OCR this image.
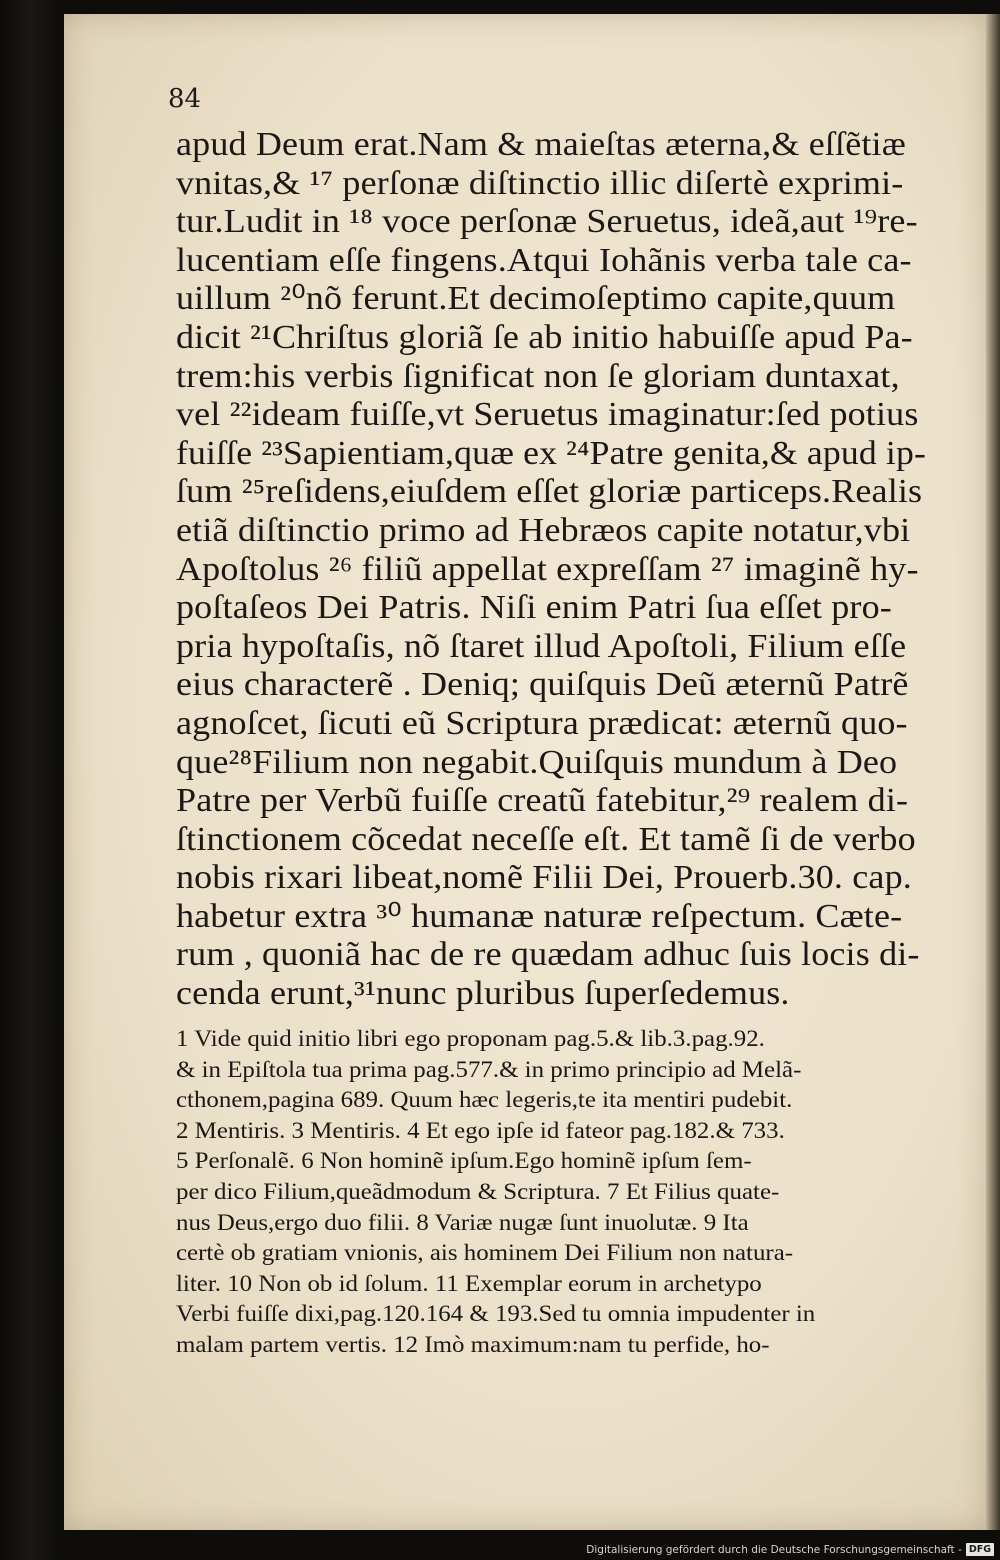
84

apud Deum erat.Nam & maieſtas æterna,& eſſẽtiæ
vnitas,& ¹⁷ perſonæ diſtinctio illic diſertè exprimi-
tur.Ludit in ¹⁸ voce perſonæ Seruetus, ideã,aut ¹⁹re-
lucentiam eſſe fingens.Atqui Iohãnis verba tale ca-
uillum ²⁰nõ ferunt.Et decimoſeptimo capite,quum
dicit ²¹Chriſtus gloriã ſe ab initio habuiſſe apud Pa-
trem:his verbis ſignificat non ſe gloriam duntaxat,
vel ²²ideam fuiſſe,vt Seruetus imaginatur:ſed potius
fuiſſe ²³Sapientiam,quæ ex ²⁴Patre genita,& apud ip-
ſum ²⁵reſidens,eiuſdem eſſet gloriæ particeps.Realis
etiã diſtinctio primo ad Hebræos capite notatur,vbi
Apoſtolus ²⁶ filiũ appellat expreſſam ²⁷ imaginẽ hy-
poſtaſeos Dei Patris. Niſi enim Patri ſua eſſet pro-
pria hypoſtaſis, nõ ſtaret illud Apoſtoli, Filium eſſe
eius characterẽ . Deniq; quiſquis Deũ æternũ Patrẽ
agnoſcet, ſicuti eũ Scriptura prædicat: æternũ quo-
que²⁸Filium non negabit.Quiſquis mundum à Deo
Patre per Verbũ fuiſſe creatũ fatebitur,²⁹ realem di-
ſtinctionem cõcedat neceſſe eſt. Et tamẽ ſi de verbo
nobis rixari libeat,nomẽ Filii Dei, Prouerb.30. cap.
habetur extra ³⁰ humanæ naturæ reſpectum. Cæte-
rum , quoniã hac de re quædam adhuc ſuis locis di-
cenda erunt,³¹nunc pluribus ſuperſedemus.

1 Vide quid initio libri ego proponam pag.5.& lib.3.pag.92.
& in Epiſtola tua prima pag.577.& in primo principio ad Melã-
cthonem,pagina 689. Quum hæc legeris,te ita mentiri pudebit.
2 Mentiris. 3 Mentiris. 4 Et ego ipſe id fateor pag.182.& 733.
5 Perſonalẽ. 6 Non hominẽ ipſum.Ego hominẽ ipſum ſem-
per dico Filium,queãdmodum & Scriptura. 7 Et Filius quate-
nus Deus,ergo duo filii. 8 Variæ nugæ ſunt inuolutæ. 9 Ita
certè ob gratiam vnionis, ais hominem Dei Filium non natura-
liter. 10 Non ob id ſolum. 11 Exemplar eorum in archetypo
Verbi fuiſſe dixi,pag.120.164 & 193.Sed tu omnia impudenter in
malam partem vertis. 12 Imò maximum:nam tu perfide, ho-

Digitalisierung gefördert durch die Deutsche Forschungsgemeinschaft - DFG
